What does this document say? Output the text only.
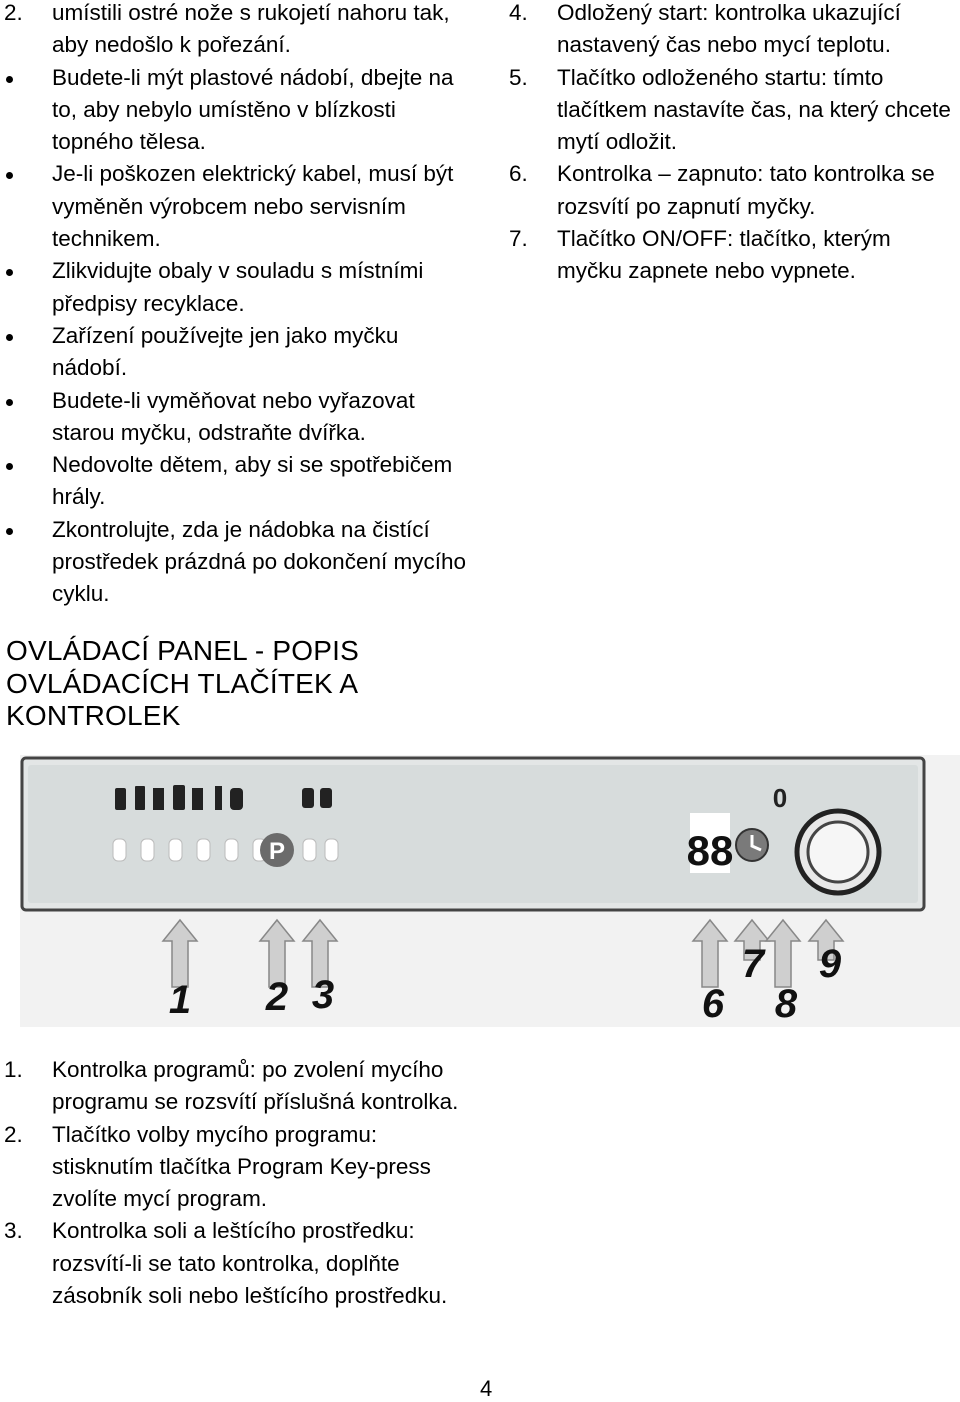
2. umístili ostré nože s rukojetí nahoru tak, aby nedošlo k pořezání.
Budete-li mýt plastové nádobí, dbejte na to, aby nebylo umístěno v blízkosti topného tělesa.
Je-li poškozen elektrický kabel, musí být vyměněn výrobcem nebo servisním technikem.
Zlikvidujte obaly v souladu s místními předpisy recyklace.
Zařízení používejte jen jako myčku nádobí.
Budete-li vyměňovat nebo vyřazovat starou myčku, odstraňte dvířka.
Nedovolte dětem, aby si se spotřebičem hrály.
Zkontrolujte, zda je nádobka na čistící prostředek prázdná po dokončení mycího cyklu.
4. Odložený start: kontrolka ukazující nastavený čas nebo mycí teplotu.
5. Tlačítko odloženého startu: tímto tlačítkem nastavíte čas, na který chcete mytí odložit.
6. Kontrolka – zapnuto: tato kontrolka se rozsvítí po zapnutí myčky.
7. Tlačítko ON/OFF: tlačítko, kterým myčku zapnete nebo vypnete.
OVLÁDACÍ PANEL - POPIS
OVLÁDACÍCH TLAČÍTEK A
KONTROLEK
P	88
0
1 2 3	6
7
8
9
1. Kontrolka programů: po zvolení mycího programu se rozsvítí příslušná kontrolka.
2. Tlačítko volby mycího programu: stisknutím tlačítka Program Key-press zvolíte mycí program.
3. Kontrolka soli a leštícího prostředku: rozsvítí-li se tato kontrolka, doplňte zásobník soli nebo leštícího prostředku.
4
